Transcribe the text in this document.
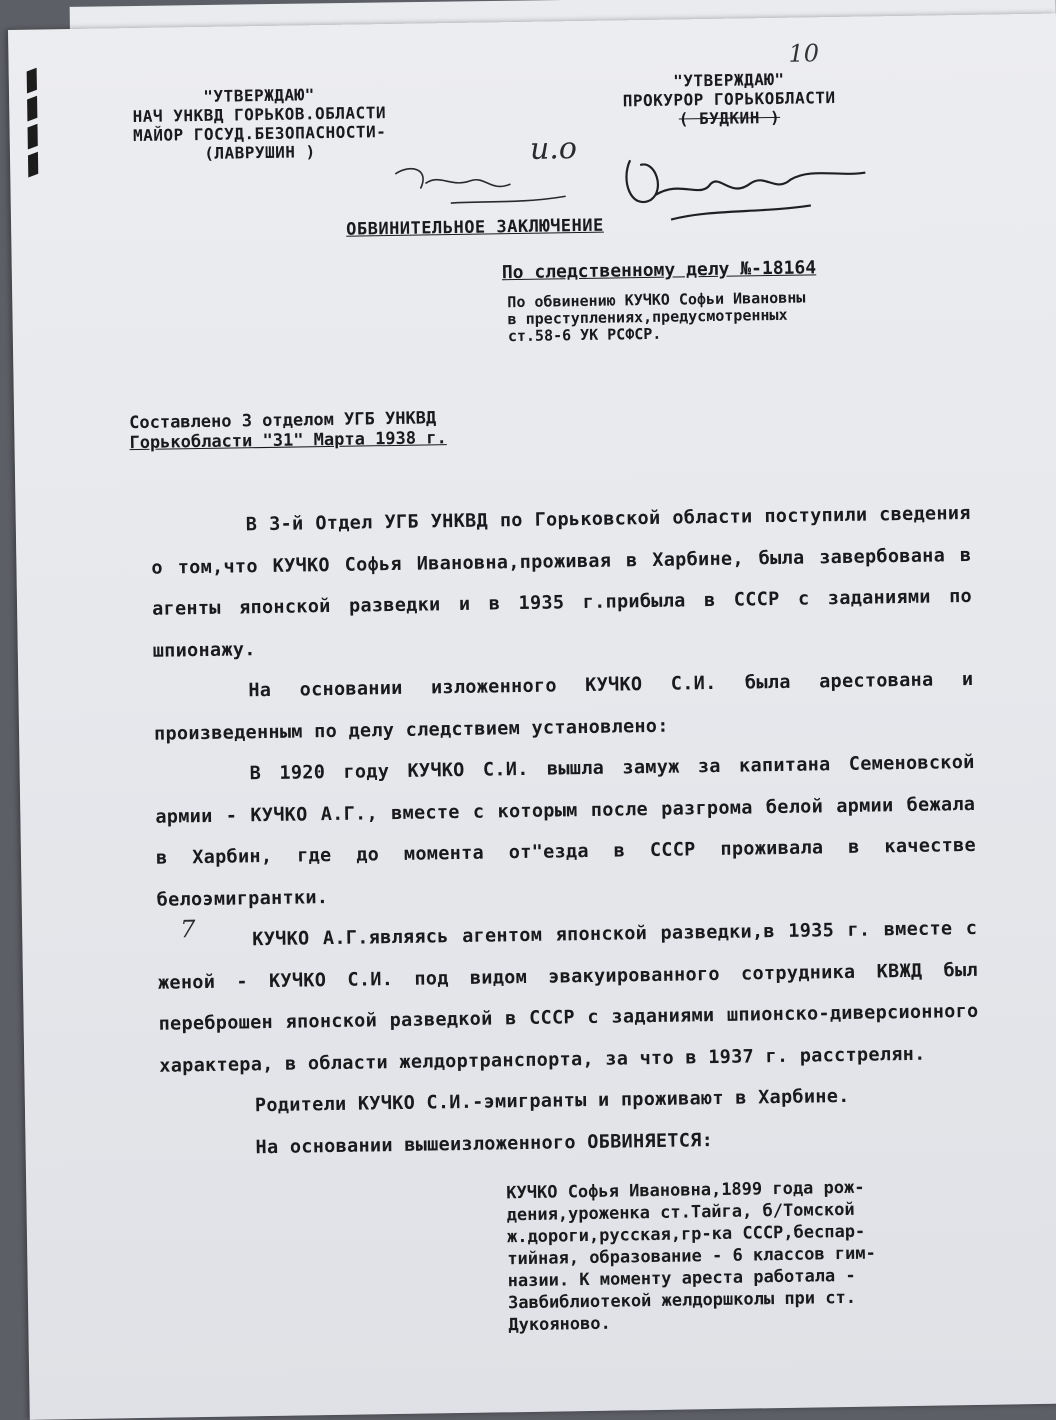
10
"УТВЕРЖДАЮ"
НАЧ УНКВД ГОРЬКОВ.ОБЛАСТИ
МАЙОР ГОСУД.БЕЗОПАСНОСТИ-
(ЛАВРУШИН )
"УТВЕРЖДАЮ"
ПРОКУРОР ГОРЬКОБЛАСТИ
( БУДКИН )
и.о
ОБВИНИТЕЛЬНОЕ ЗАКЛЮЧЕНИЕ
По следственному делу №-18164
По обвинению КУЧКО Софьи Ивановны
в преступлениях,предусмотренных
ст.58-6 УК РСФСР.
Составлено 3 отделом УГБ УНКВД
Горькобласти "31" Марта 1938 г.
7

В 3-й Отдел УГБ УНКВД по Горьковской области поступили сведения о том,что КУЧКО Софья Ивановна,проживая в Харбине, была завербована в агенты японской разведки и в 1935 г.прибыла в СССР с заданиями по шпионажу.

На основании изложенного КУЧКО С.И. была арестована и произведенным по делу следствием установлено:

В 1920 году КУЧКО С.И. вышла замуж за капитана Семеновской армии - КУЧКО А.Г., вместе с которым после разгрома белой армии бежала в Харбин, где до момента от"езда в СССР проживала в качестве белоэмигрантки.

КУЧКО А.Г.являясь агентом японской разведки,в 1935 г. вместе с женой - КУЧКО С.И. под видом эвакуированного сотрудника КВЖД был переброшен японской разведкой в СССР с заданиями шпионско-диверсионного характера, в области желдортранспорта, за что в 1937 г. расстрелян.

Родители КУЧКО С.И.-эмигранты и проживают в Харбине.

На основании вышеизложенного ОБВИНЯЕТСЯ:

КУЧКО Софья Ивановна,1899 года рож-
дения,уроженка ст.Тайга, б/Томской
ж.дороги,русская,гр-ка СССР,беспар-
тийная, образование - 6 классов гим-
назии. К моменту ареста работала -
Завбиблиотекой желдоршколы при ст.
Дукояново.
